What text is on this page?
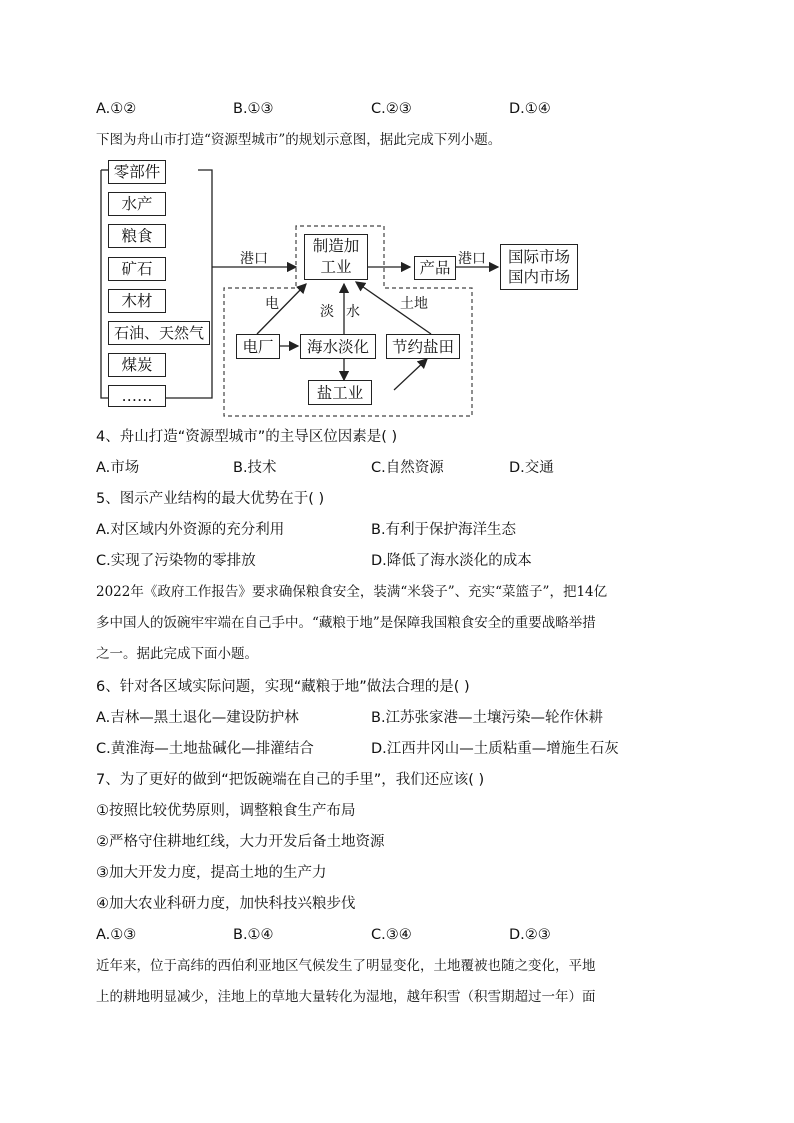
A.①②	B.①③	C.②③	D.①④
下图为舟山市打造“资源型城市”的规划示意图，据此完成下列小题。
零部件
水产
粮食
矿石
木材
石油、天然气
煤炭
……
港口
制造加工业	产品 港口 国际市场
国内市场
电	淡 水	土地
电厂	海水淡化	节约盐田
盐工业
4、舟山打造“资源型城市”的主导区位因素是( )
A.市场	B.技术	C.自然资源	D.交通
5、图示产业结构的最大优势在于( )
A.对区域内外资源的充分利用	B.有利于保护海洋生态
C.实现了污染物的零排放	D.降低了海水淡化的成本
2022年《政府工作报告》要求确保粮食安全，装满“米袋子”、充实“菜篮子”，把14亿
多中国人的饭碗牢牢端在自己手中。“藏粮于地”是保障我国粮食安全的重要战略举措
之一。据此完成下面小题。
6、针对各区域实际问题，实现“藏粮于地”做法合理的是( )
A.吉林—黑土退化—建设防护林	B.江苏张家港—土壤污染—轮作休耕
C.黄淮海—土地盐碱化—排灌结合	D.江西井冈山—土质粘重—增施生石灰
7、为了更好的做到“把饭碗端在自己的手里”，我们还应该( )
①按照比较优势原则，调整粮食生产布局
②严格守住耕地红线，大力开发后备土地资源
③加大开发力度，提高土地的生产力
④加大农业科研力度，加快科技兴粮步伐
A.①③	B.①④	C.③④	D.②③
近年来，位于高纬的西伯利亚地区气候发生了明显变化，土地覆被也随之变化，平地
上的耕地明显减少，洼地上的草地大量转化为湿地，越年积雪（积雪期超过一年）面
